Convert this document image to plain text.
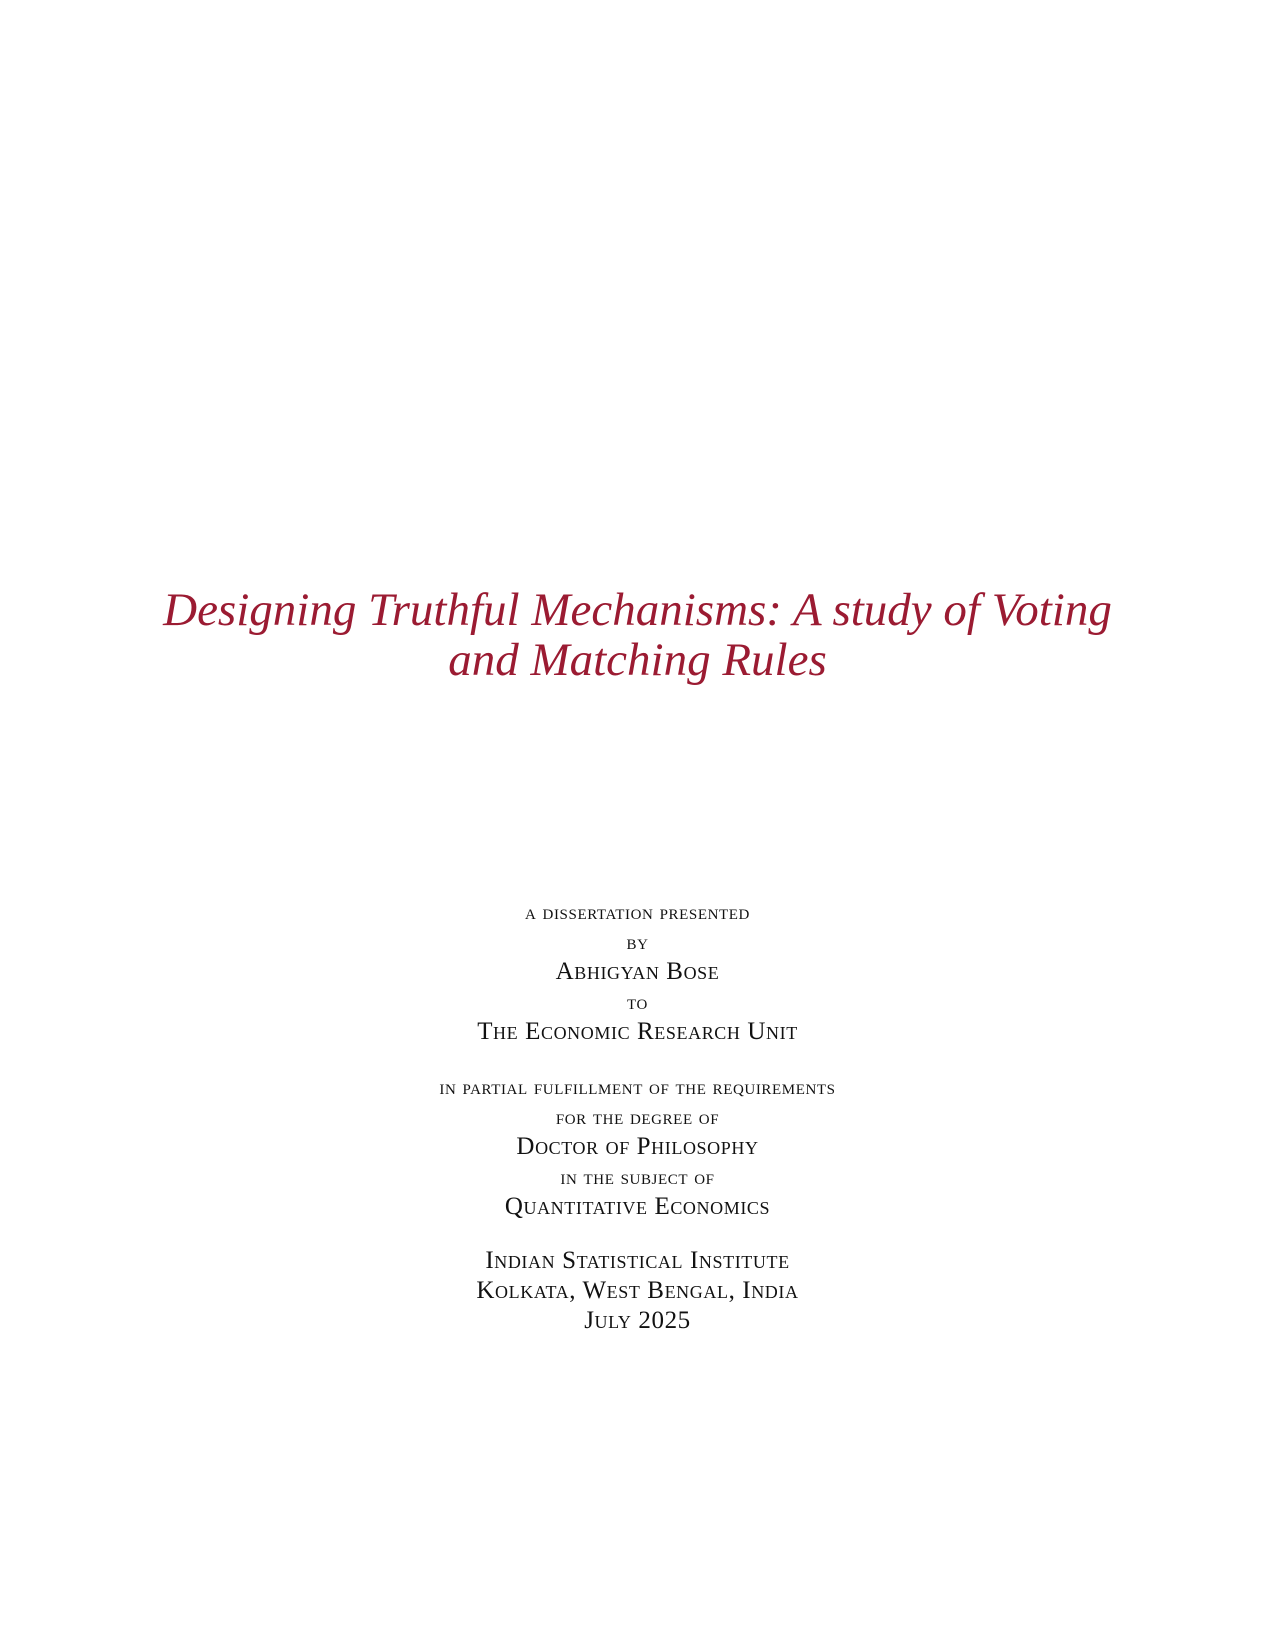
Designing Truthful Mechanisms: A study of Voting
and Matching Rules
a dissertation presented
by
Abhigyan Bose
to
The Economic Research Unit
in partial fulfillment of the requirements
for the degree of
Doctor of Philosophy
in the subject of
Quantitative Economics
Indian Statistical Institute
Kolkata, West Bengal, India
July 2025
